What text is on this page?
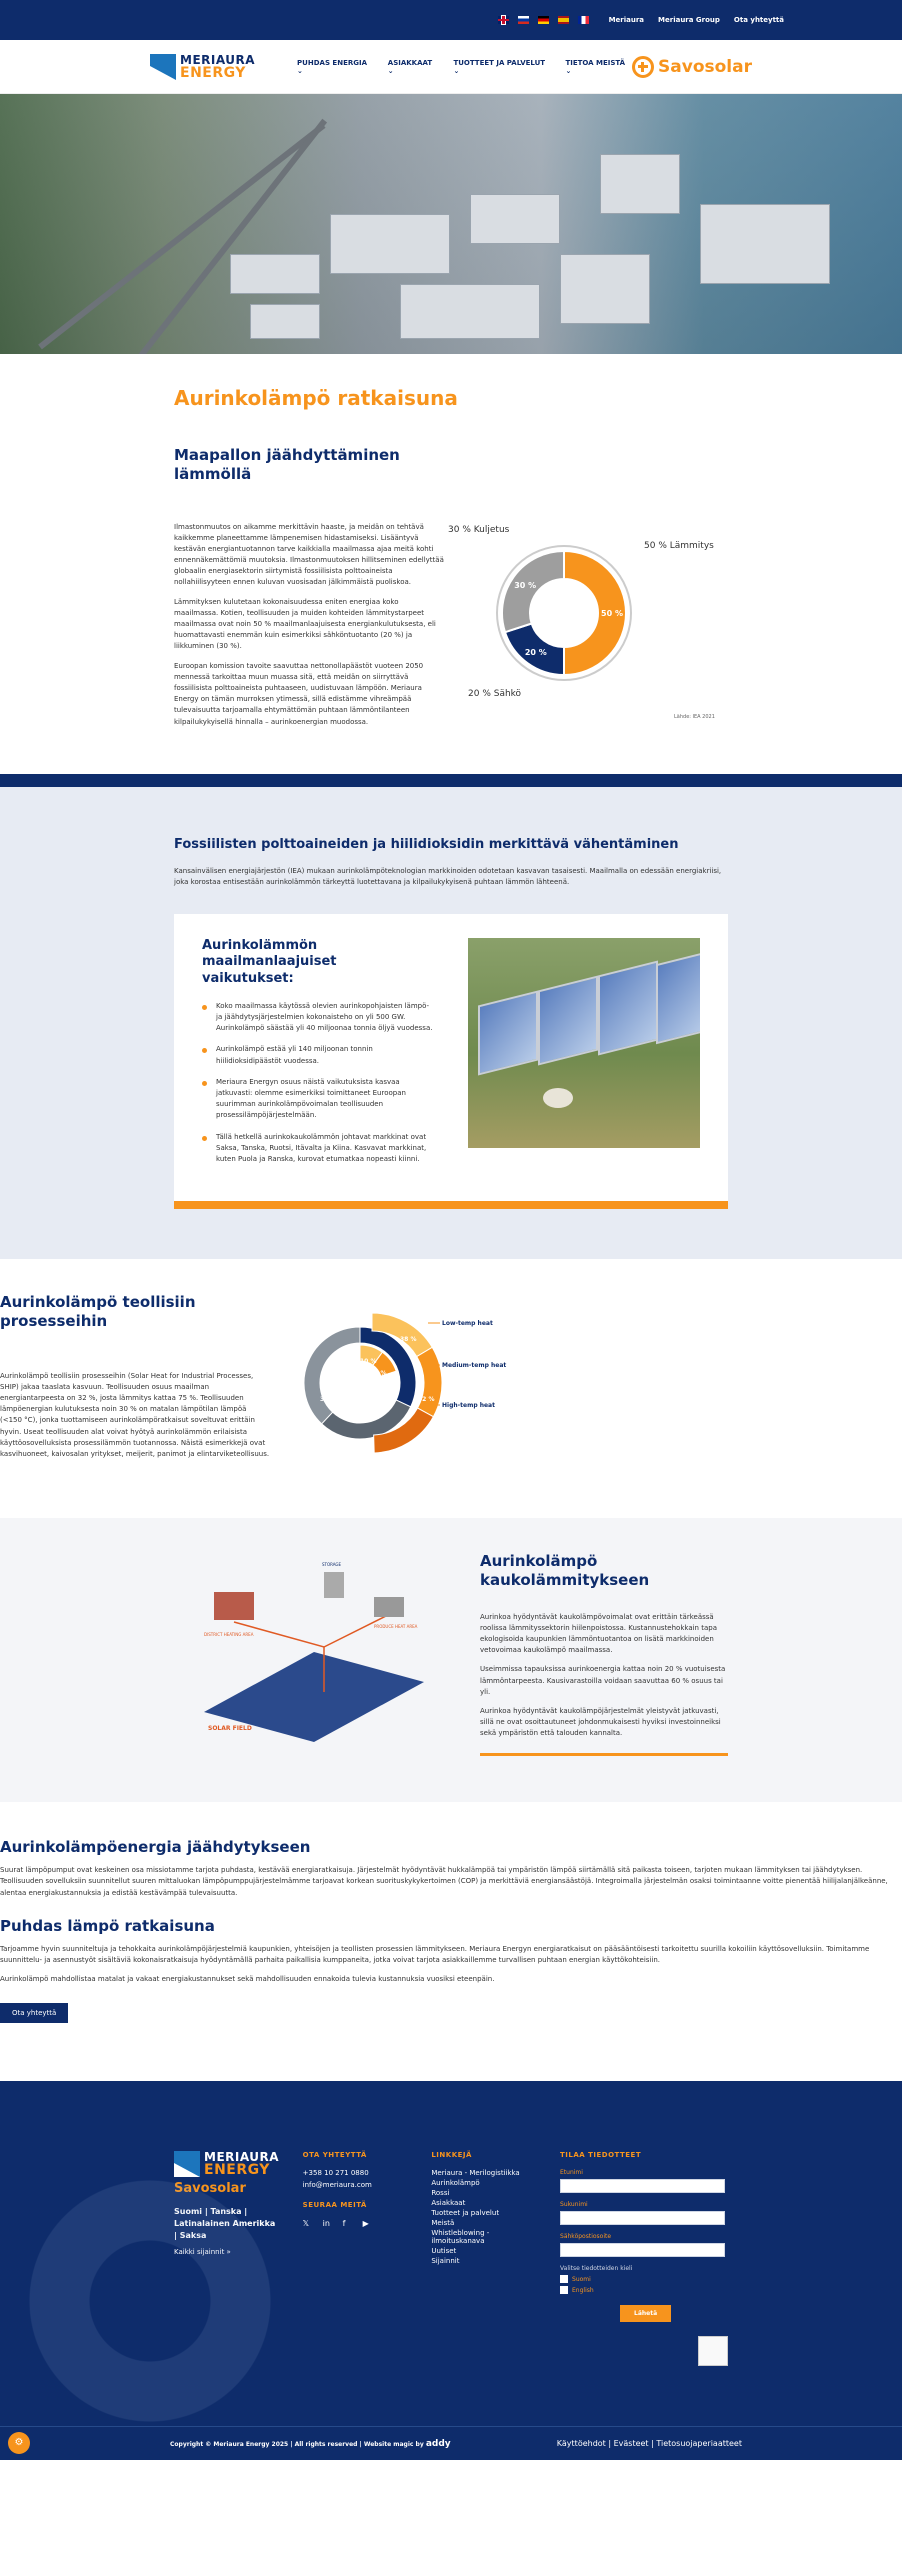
Meriaura Meriaura Group Ota yhteyttä
MERIAURA
ENERGY
PUHDAS ENERGIA ⌄
ASIAKKAAT ⌄
TUOTTEET JA PALVELUT ⌄
TIETOA MEISTÄ ⌄	Savosolar
Aurinkolämpö ratkaisuna
Maapallon jäähdyttäminen lämmöllä

Ilmastonmuutos on aikamme merkittävin haaste, ja meidän on tehtävä kaikkemme planeettamme lämpenemisen hidastamiseksi. Lisääntyvä kestävän energiantuotannon tarve kaikkialla maailmassa ajaa meitä kohti ennennäkemättömiä muutoksia. Ilmastonmuutoksen hillitseminen edellyttää globaalin energiasektorin siirtymistä fossiilisista polttoaineista nollahiilisyyteen ennen kuluvan vuosisadan jälkimmäistä puoliskoa.

Lämmityksen kulutetaan kokonaisuudessa eniten energiaa koko maailmassa. Kotien, teollisuuden ja muiden kohteiden lämmitystarpeet maailmassa ovat noin 50 % maailmanlaajuisesta energiankulutuksesta, eli huomattavasti enemmän kuin esimerkiksi sähköntuotanto (20 %) ja liikkuminen (30 %).

Euroopan komission tavoite saavuttaa nettonollapäästöt vuoteen 2050 mennessä tarkoittaa muun muassa sitä, että meidän on siirryttävä fossiilisista polttoaineista puhtaaseen, uudistuvaan lämpöön. Meriaura Energy on tämän murroksen ytimessä, sillä edistämme vihreämpää tulevaisuutta tarjoamalla ehtymättömän puhtaan lämmöntilanteen kilpailukykyisellä hinnalla – aurinkoenergian muodossa.

50 %
20 %
30 %
50 % Lämmitys
30 % Kuljetus
20 % Sähkö
Lähde: IEA 2021
Fossiilisten polttoaineiden ja hiilidioksidin merkittävä vähentäminen

Kansainvälisen energiajärjestön (IEA) mukaan aurinkolämpöteknologian markkinoiden odotetaan kasvavan tasaisesti. Maailmalla on edessään energiakriisi, joka korostaa entisestään aurinkolämmön tärkeyttä luotettavana ja kilpailukykyisenä puhtaan lämmön lähteenä.

Aurinkolämmön maailmanlaajuiset vaikutukset:
Koko maailmassa käytössä olevien aurinkopohjaisten lämpö- ja jäähdytysjärjestelmien kokonaisteho on yli 500 GW. Aurinkolämpö säästää yli 40 miljoonaa tonnia öljyä vuodessa.
Aurinkolämpö estää yli 140 miljoonan tonnin hiilidioksidipäästöt vuodessa.
Meriaura Energyn osuus näistä vaikutuksista kasvaa jatkuvasti: olemme esimerkiksi toimittaneet Euroopan suurimman aurinkolämpövoimalan teollisuuden prosessilämpöjärjestelmään.
Tällä hetkellä aurinkokaukolämmön johtavat markkinat ovat Saksa, Tanska, Ruotsi, Itävalta ja Kiina. Kasvavat markkinat, kuten Puola ja Ranska, kurovat etumatkaa nopeasti kiinni.
Aurinkolämpö teollisiin prosesseihin

Aurinkolämpö teollisiin prosesseihin (Solar Heat for Industrial Processes, SHIP) jakaa taaslata kasvuun. Teollisuuden osuus maailman energiantarpeesta on 32 %, josta lämmitys kattaa 75 %. Teollisuuden lämpöenergian kulutuksesta noin 30 % on matalan lämpötilan lämpöä (<150 °C), jonka tuottamiseen aurinkolämpöratkaisut soveltuvat erittäin hyvin. Useat teollisuuden alat voivat hyötyä aurinkolämmön erilaisista käyttöosovelluksista prosessilämmön tuotannossa. Näistä esimerkkejä ovat kasvihuoneet, kaivosalan yritykset, meijerit, panimot ja elintarviketeollisuus.

32 %
30 %
10 %
10 %
38 %
42 %
Low-temp heat
Medium-temp heat
High-temp heat
DISTRICT HEATING AREA
STORAGE
PRODUCE HEAT AREA
SOLAR FIELD
Aurinkolämpö kaukolämmitykseen

Aurinkoa hyödyntävät kaukolämpövoimalat ovat erittäin tärkeässä roolissa lämmityssektorin hiilenpoistossa. Kustannustehokkain tapa ekologisoida kaupunkien lämmöntuotantoa on lisätä markkinoiden vetovoimaa kaukolämpö maailmassa.

Useimmissa tapauksissa aurinkoenergia kattaa noin 20 % vuotuisesta lämmöntarpeesta. Kausivarastoilla voidaan saavuttaa 60 % osuus tai yli.

Aurinkoa hyödyntävät kaukolämpöjärjestelmät yleistyvät jatkuvasti, sillä ne ovat osoittautuneet johdonmukaisesti hyviksi investoinneiksi sekä ympäristön että talouden kannalta.

Aurinkolämpöenergia jäähdytykseen

Suurat lämpöpumput ovat keskeinen osa missiotamme tarjota puhdasta, kestävää energiaratkaisuja. Järjestelmät hyödyntävät hukkalämpöä tai ympäristön lämpöä siirtämällä sitä paikasta toiseen, tarjoten mukaan lämmityksen tai jäähdytyksen. Teollisuuden sovelluksiin suunnitellut suuren mittaluokan lämpöpumppujärjestelmämme tarjoavat korkean suorituskykykertoimen (COP) ja merkittäviä energiansäästöjä. Integroimalla järjestelmän osaksi toimintaanne voitte pienentää hiilijalanjälkeänne, alentaa energiakustannuksia ja edistää kestävämpää tulevaisuutta.

Puhdas lämpö ratkaisuna

Tarjoamme hyvin suunniteltuja ja tehokkaita aurinkolämpöjärjestelmiä kaupunkien, yhteisöjen ja teollisten prosessien lämmitykseen. Meriaura Energyn energiaratkaisut on pääsääntöisesti tarkoitettu suurilla kokoiliin käyttösovelluksiin. Toimitamme suunnittelu- ja asennustyöt sisältäviä kokonaisratkaisuja hyödyntämällä parhaita paikallisia kumppaneita, jotka voivat tarjota asiakkaillemme turvallisen puhtaan energian käyttökohteisiin.

Aurinkolämpö mahdollistaa matalat ja vakaat energiakustannukset sekä mahdollisuuden ennakoida tulevia kustannuksia vuosiksi eteenpäin.

Ota yhteyttä
MERIAURA
ENERGY
Savosolar
Suomi | Tanska | Latinalainen Amerikka | Saksa
Kaikki sijainnit »
OTA YHTEYTTÄ
+358 10 271 0880
info@meriaura.com
SEURAA MEITÄ
𝕏	in	f	▶
LINKKEJÄ
Meriaura - Merilogistiikka
Aurinkolämpö
Rossi
Asiakkaat
Tuotteet ja palvelut
Meistä
Whistleblowing - ilmoituskanava
Uutiset
Sijainnit
TILAA TIEDOTTEET
Etunimi
Sukunimi
Sähköpostiosoite
Valitse tiedotteiden kieli
Suomi
English
Lähetä
Copyright © Meriaura Energy 2025 | All rights reserved | Website magic by addy	Käyttöehdot | Evästeet | Tietosuojaperiaatteet
⚙
